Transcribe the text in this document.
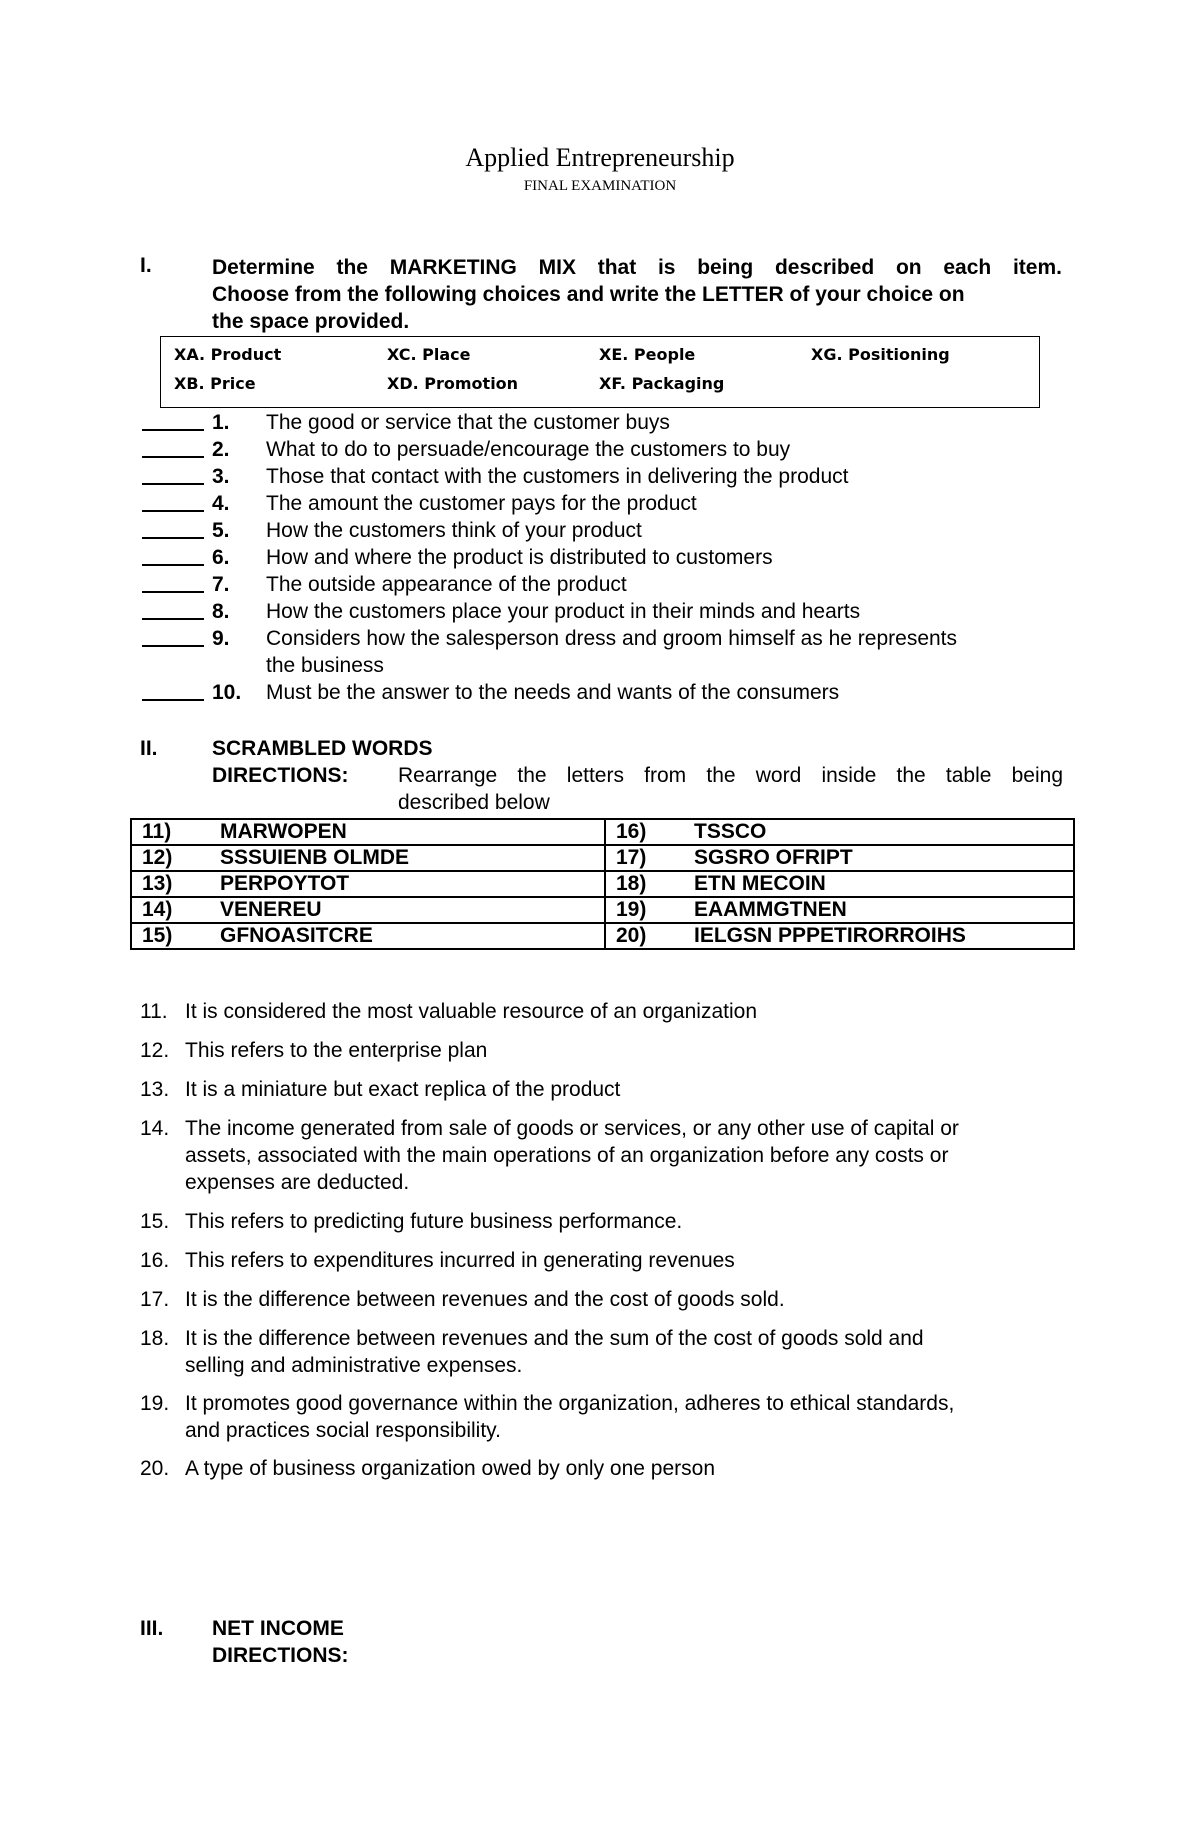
Applied Entrepreneurship
FINAL EXAMINATION
I.	Determine the MARKETING MIX that is being described on each item.
Choose from the following choices and write the LETTER of your choice on
the space provided.
XA. Product	XC. Place	XE. People	XG. Positioning
XB. Price	XD. Promotion	XF. Packaging
1. The good or service that the customer buys
2. What to do to persuade/encourage the customers to buy
3. Those that contact with the customers in delivering the product
4. The amount the customer pays for the product
5. How the customers think of your product
6. How and where the product is distributed to customers
7. The outside appearance of the product
8. How the customers place your product in their minds and hearts
9. Considers how the salesperson dress and groom himself as he represents
the business
10. Must be the answer to the needs and wants of the consumers
II.	SCRAMBLED WORDS
DIRECTIONS: Rearrange the letters from the word inside the table being
described below
11) MARWOPEN	16) TSSCO
12) SSSUIENB OLMDE	17) SGSRO OFRIPT
13) PERPOYTOT	18) ETN MECOIN
14) VENEREU	19) EAAMMGTNEN
15) GFNOASITCRE	20) IELGSN PPPETIRORROIHS
11. It is considered the most valuable resource of an organization
12. This refers to the enterprise plan
13. It is a miniature but exact replica of the product
14. The income generated from sale of goods or services, or any other use of capital or
assets, associated with the main operations of an organization before any costs or
expenses are deducted.
15. This refers to predicting future business performance.
16. This refers to expenditures incurred in generating revenues
17. It is the difference between revenues and the cost of goods sold.
18. It is the difference between revenues and the sum of the cost of goods sold and
selling and administrative expenses.
19. It promotes good governance within the organization, adheres to ethical standards,
and practices social responsibility.
20. A type of business organization owed by only one person
III. NET INCOME
DIRECTIONS:
